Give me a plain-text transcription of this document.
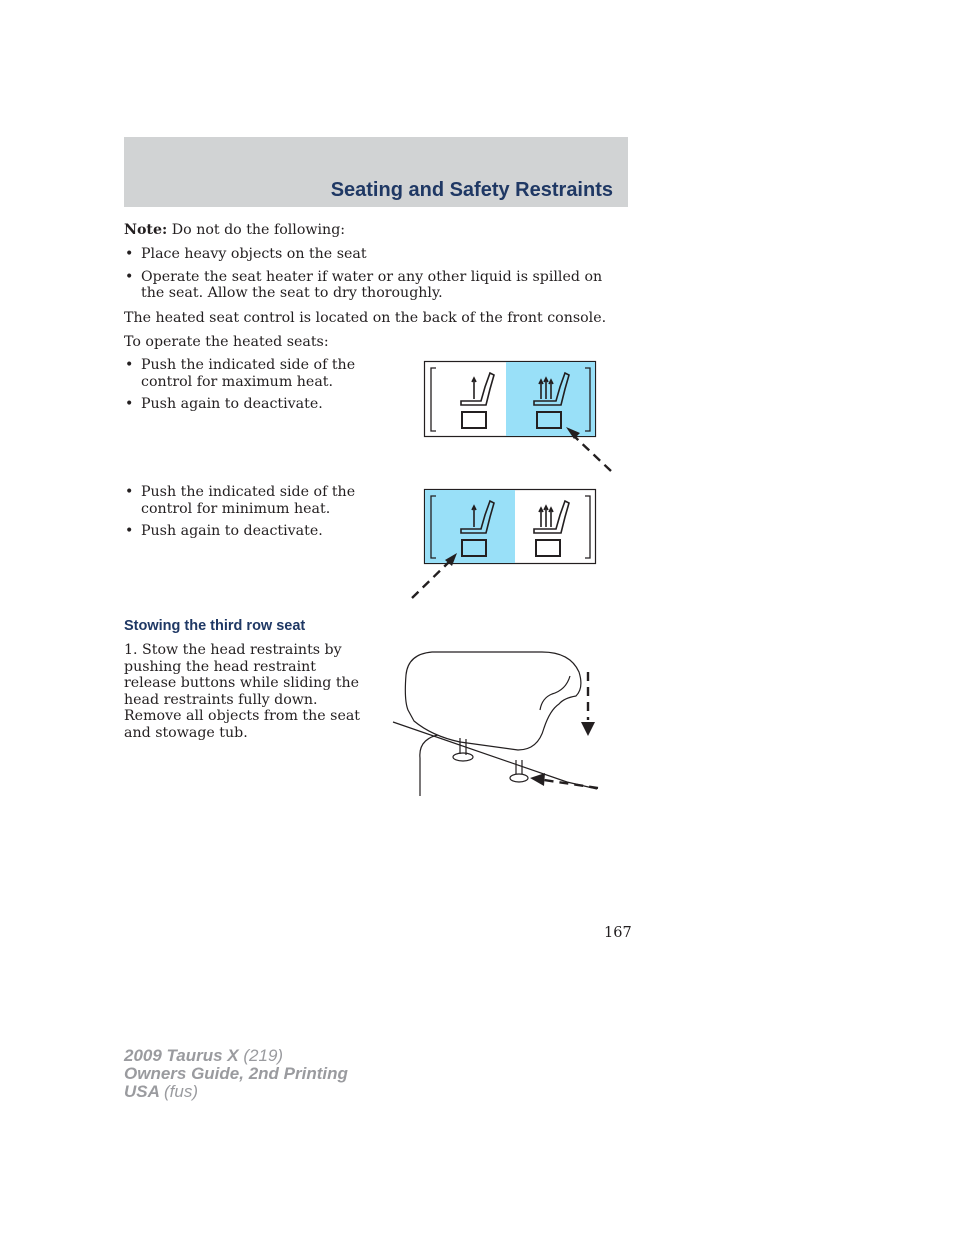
Seating and Safety Restraints

Note: Do not do the following:

• Place heavy objects on the seat
• Operate the seat heater if water or any other liquid is spilled on the seat. Allow the seat to dry thoroughly.

The heated seat control is located on the back of the front console.

To operate the heated seats:

• Push the indicated side of the control for maximum heat.
• Push again to deactivate.
• Push the indicated side of the control for minimum heat.
• Push again to deactivate.
Stowing the third row seat

1. Stow the head restraints by pushing the head restraint release buttons while sliding the head restraints fully down. Remove all objects from the seat and stowage tub.

167
2009 Taurus X (219)
Owners Guide, 2nd Printing
USA (fus)
